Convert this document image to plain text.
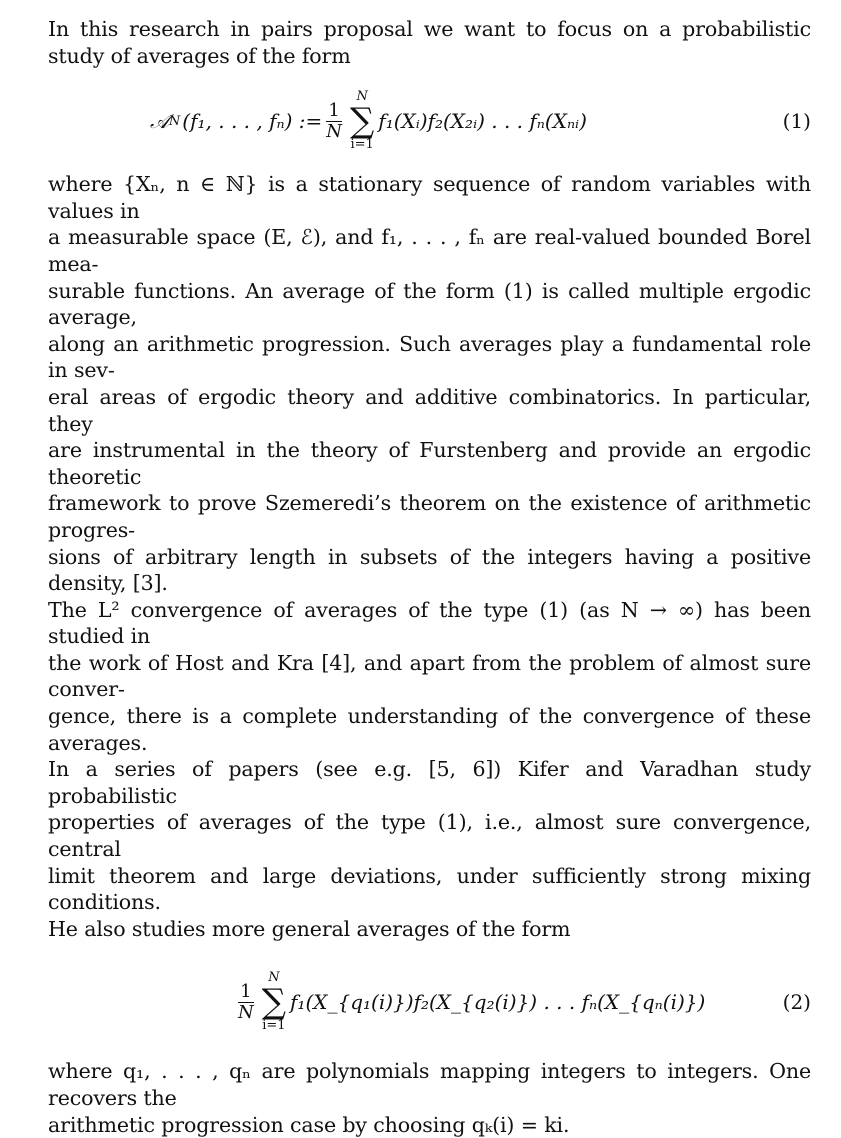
In this research in pairs proposal we want to focus on a probabilistic study of averages of the form

𝒜 N (f₁, . . . , fₙ) := $\frac{1}{N}$
N
∑
i=1
f₁(Xᵢ)f₂(X₂ᵢ) . . . fₙ(Xₙᵢ)	(1)

where {Xₙ, n ∈ ℕ} is a stationary sequence of random variables with values in

a measurable space (E, ℰ), and f₁, . . . , fₙ are real-valued bounded Borel mea-

surable functions. An average of the form (1) is called multiple ergodic average,

along an arithmetic progression. Such averages play a fundamental role in sev-

eral areas of ergodic theory and additive combinatorics. In particular, they

are instrumental in the theory of Furstenberg and provide an ergodic theoretic

framework to prove Szemeredi’s theorem on the existence of arithmetic progres-

sions of arbitrary length in subsets of the integers having a positive density, [3].

The L² convergence of averages of the type (1) (as N → ∞) has been studied in

the work of Host and Kra [4], and apart from the problem of almost sure conver-

gence, there is a complete understanding of the convergence of these averages.

In a series of papers (see e.g. [5, 6]) Kifer and Varadhan study probabilistic

properties of averages of the type (1), i.e., almost sure convergence, central

limit theorem and large deviations, under sufficiently strong mixing conditions.

He also studies more general averages of the form

$\frac{1}{N}$
N
∑
i=1
f₁(X_{q₁(i)})f₂(X_{q₂(i)}) . . . fₙ(X_{qₙ(i)})	(2)

where q₁, . . . , qₙ are polynomials mapping integers to integers. One recovers the

arithmetic progression case by choosing qₖ(i) = ki.
